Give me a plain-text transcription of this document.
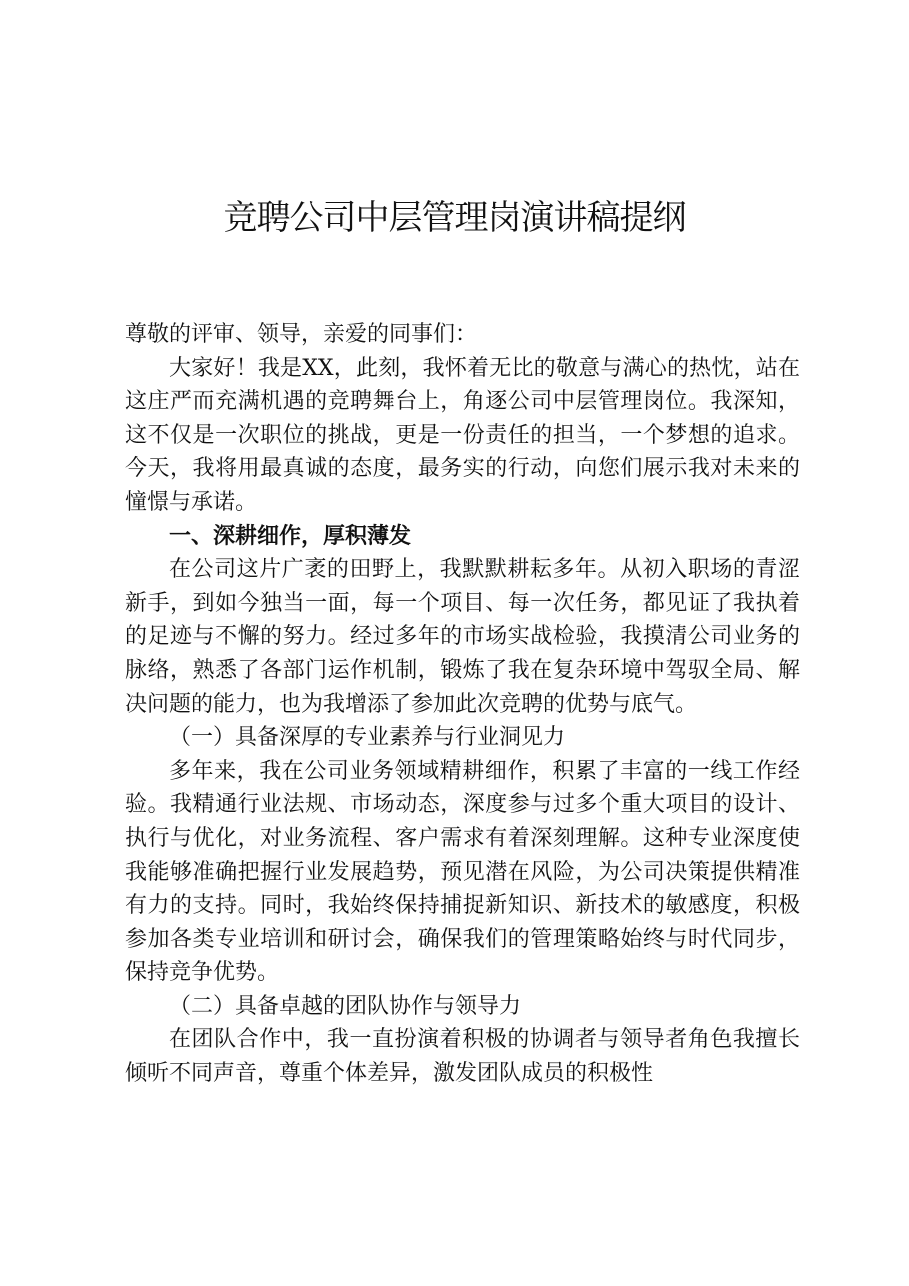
竞聘公司中层管理岗演讲稿提纲

尊敬的评审、领导，亲爱的同事们：

大家好！我是XX，此刻，我怀着无比的敬意与满心的热忱，站在这庄严而充满机遇的竞聘舞台上，角逐公司中层管理岗位。我深知，这不仅是一次职位的挑战，更是一份责任的担当，一个梦想的追求。今天，我将用最真诚的态度，最务实的行动，向您们展示我对未来的憧憬与承诺。

一、深耕细作，厚积薄发

在公司这片广袤的田野上，我默默耕耘多年。从初入职场的青涩新手，到如今独当一面，每一个项目、每一次任务，都见证了我执着的足迹与不懈的努力。经过多年的市场实战检验，我摸清公司业务的脉络，熟悉了各部门运作机制，锻炼了我在复杂环境中驾驭全局、解决问题的能力，也为我增添了参加此次竞聘的优势与底气。

（一）具备深厚的专业素养与行业洞见力

多年来，我在公司业务领域精耕细作，积累了丰富的一线工作经验。我精通行业法规、市场动态，深度参与过多个重大项目的设计、执行与优化，对业务流程、客户需求有着深刻理解。这种专业深度使我能够准确把握行业发展趋势，预见潜在风险，为公司决策提供精准有力的支持。同时，我始终保持捕捉新知识、新技术的敏感度，积极参加各类专业培训和研讨会，确保我们的管理策略始终与时代同步，保持竞争优势。

（二）具备卓越的团队协作与领导力

在团队合作中，我一直扮演着积极的协调者与领导者角色我擅长倾听不同声音，尊重个体差异，激发团队成员的积极性
